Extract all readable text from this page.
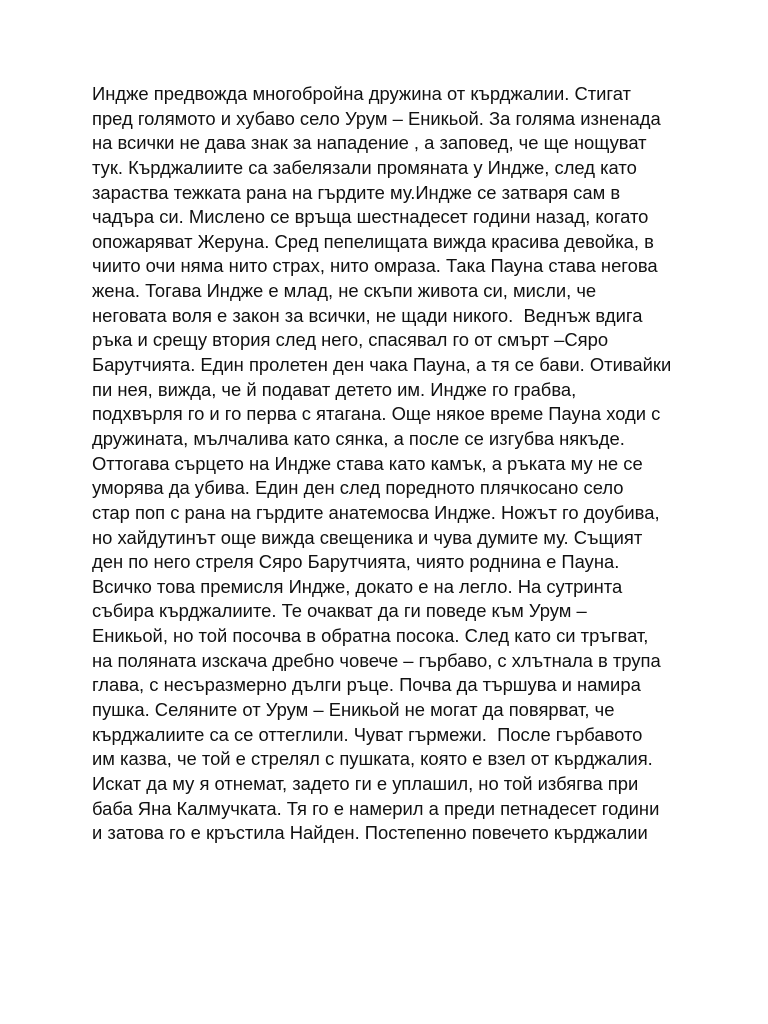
Индже предвожда многобройна дружина от кърджалии. Стигат
пред голямото и хубаво село Урум – Еникьой. За голяма изненада
на всички не дава знак за нападение , а заповед, че ще нощуват
тук. Кърджалиите са забелязали промяната у Индже, след като
зараства тежката рана на гърдите му.Индже се затваря сам в
чадъра си. Мислено се връща шестнадесет години назад, когато
опожаряват Жеруна. Сред пепелищата вижда красива девойка, в
чиито очи няма нито страх, нито омраза. Така Пауна става негова
жена. Тогава Индже е млад, не скъпи живота си, мисли, че
неговата воля е закон за всички, не щади никого.  Веднъж вдига
ръка и срещу втория след него, спасявал го от смърт –Сяро
Барутчията. Един пролетен ден чака Пауна, а тя се бави. Отивайки
пи нея, вижда, че й подават детето им. Индже го грабва,
подхвърля го и го перва с ятагана. Още някое време Пауна ходи с
дружината, мълчалива като сянка, а после се изгубва някъде.
Оттогава сърцето на Индже става като камък, а ръката му не се
уморява да убива. Един ден след поредното плячкосано село
стар поп с рана на гърдите анатемосва Индже. Ножът го доубива,
но хайдутинът още вижда свещеника и чува думите му. Същият
ден по него стреля Сяро Барутчията, чиято роднина е Пауна.
Всичко това премисля Индже, докато е на легло. На сутринта
събира кърджалиите. Те очакват да ги поведе към Урум –
Еникьой, но той посочва в обратна посока. След като си тръгват,
на поляната изскача дребно човече – гърбаво, с хлътнала в трупа
глава, с несъразмерно дълги ръце. Почва да тършува и намира
пушка. Селяните от Урум – Еникьой не могат да повярват, че
кърджалиите са се оттеглили. Чуват гърмежи.  После гърбавото
им казва, че той е стрелял с пушката, която е взел от кърджалия.
Искат да му я отнемат, задето ги е уплашил, но той избягва при
баба Яна Калмучката. Тя го е намерил а преди петнадесет години
и затова го е кръстила Найден. Постепенно повечето кърджалии
